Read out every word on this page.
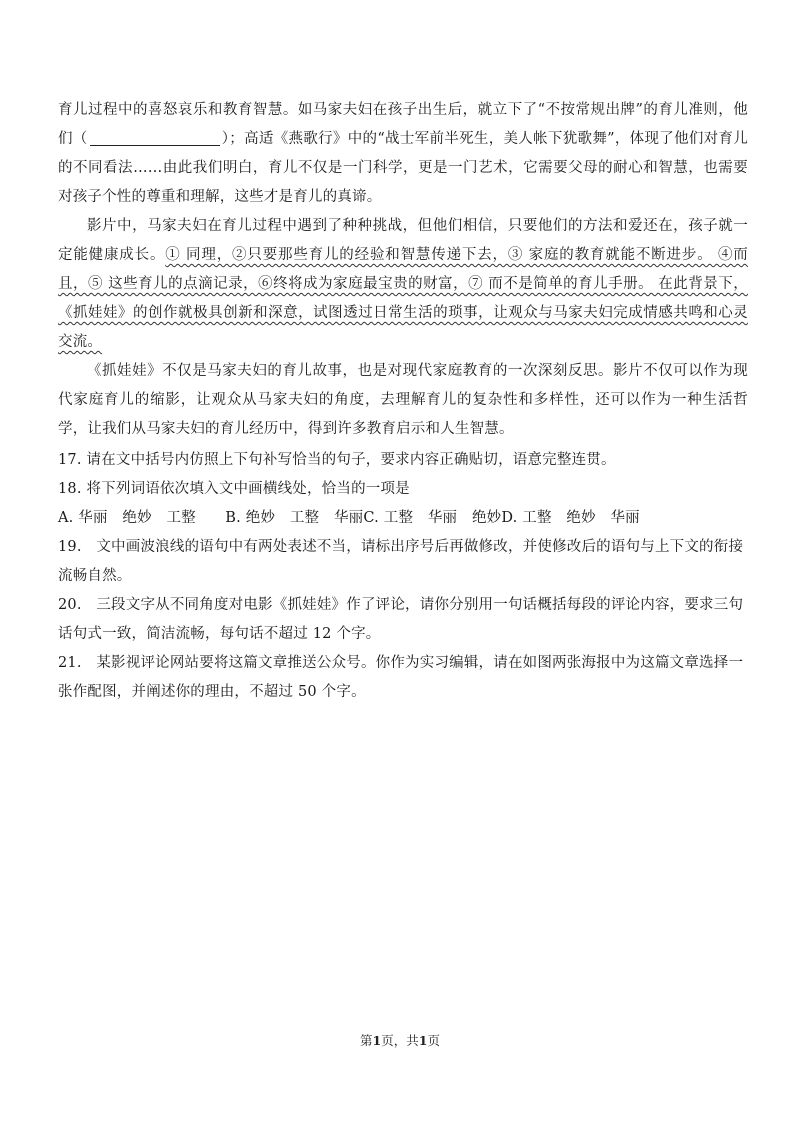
育儿过程中的喜怒哀乐和教育智慧。如马家夫妇在孩子出生后，就立下了“不按常规出牌”的育儿准则，他们（	）；高适《燕歌行》中的“战士军前半死生，美人帐下犹歌舞”，体现了他们对育儿的不同看法……由此我们明白，育儿不仅是一门科学，更是一门艺术，它需要父母的耐心和智慧，也需要对孩子个性的尊重和理解，这些才是育儿的真谛。

影片中，马家夫妇在育儿过程中遇到了种种挑战，但他们相信，只要他们的方法和爱还在，孩子就一定能健康成长。① 同理，②只要那些育儿的经验和智慧传递下去，③ 家庭的教育就能不断进步。 ④而且，⑤ 这些育儿的点滴记录，⑥终将成为家庭最宝贵的财富，⑦ 而不是简单的育儿手册。 在此背景下，《抓娃娃》的创作就极具创新和深意，试图透过日常生活的琐事，让观众与马家夫妇完成情感共鸣和心灵交流。

《抓娃娃》不仅是马家夫妇的育儿故事，也是对现代家庭教育的一次深刻反思。影片不仅可以作为现代家庭育儿的缩影，让观众从马家夫妇的角度，去理解育儿的复杂性和多样性，还可以作为一种生活哲学，让我们从马家夫妇的育儿经历中，得到许多教育启示和人生智慧。

17. 请在文中括号内仿照上下句补写恰当的句子，要求内容正确贴切，语意完整连贯。

18. 将下列词语依次填入文中画横线处，恰当的一项是

A. 华丽　绝妙　工整　　B. 绝妙　工整　华丽C. 工整　华丽　绝妙D. 工整　绝妙　华丽

19.　文中画波浪线的语句中有两处表述不当，请标出序号后再做修改，并使修改后的语句与上下文的衔接流畅自然。

20.　三段文字从不同角度对电影《抓娃娃》作了评论，请你分别用一句话概括每段的评论内容，要求三句话句式一致，简洁流畅，每句话不超过 12 个字。

21.　某影视评论网站要将这篇文章推送公众号。你作为实习编辑，请在如图两张海报中为这篇文章选择一张作配图，并阐述你的理由，不超过 50 个字。

第1页，共1页
